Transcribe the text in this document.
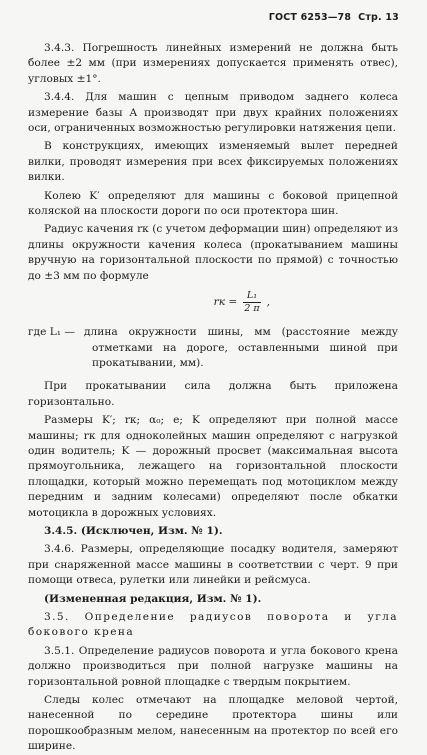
ГОСТ 6253—78 Стр. 13

3.4.3. Погрешность линейных измерений не должна быть более ±2 мм (при измерениях допускается применять отвес), угловых ±1°.

3.4.4. Для машин с цепным приводом заднего колеса измерение базы A производят при двух крайних положениях оси, ограниченных возможностью регулировки натяжения цепи.

В конструкциях, имеющих изменяемый вылет передней вилки, проводят измерения при всех фиксируемых положениях вилки.

Колею K′ определяют для машины с боковой прицепной коляской на плоскости дороги по оси протектора шин.

Радиус качения rк (с учетом деформации шин) определяют из длины окружности качения колеса (прокатыванием машины вручную на горизонтальной плоскости по прямой) с точностью до ±3 мм по формуле

rк = $\frac{\text{L₁}}{2 \pi}$ ,
где L₁ — длина окружности шины, мм (расстояние между отметками на дороге, оставленными шиной при прокатывании, мм).

При прокатывании сила должна быть приложена горизонтально.

Размеры K′; rк; α₀; e; K определяют при полной массе машины; rк для одноколейных машин определяют с нагрузкой один водитель; K — дорожный просвет (максимальная высота прямоугольника, лежащего на горизонтальной плоскости площадки, который можно перемещать под мотоциклом между передним и задним колесами) определяют после обкатки мотоцикла в дорожных условиях.

3.4.5. (Исключен, Изм. № 1).

3.4.6. Размеры, определяющие посадку водителя, замеряют при снаряженной массе машины в соответствии с черт. 9 при помощи отвеса, рулетки или линейки и рейсмуса.

(Измененная редакция, Изм. № 1).

3.5. Определение радиусов поворота и угла бокового крена

3.5.1. Определение радиусов поворота и угла бокового крена должно производиться при полной нагрузке машины на горизонтальной ровной площадке с твердым покрытием.

Следы колес отмечают на площадке меловой чертой, нанесенной по середине протектора шины или порошкообразным мелом, нанесенным на протектор по всей его ширине.
